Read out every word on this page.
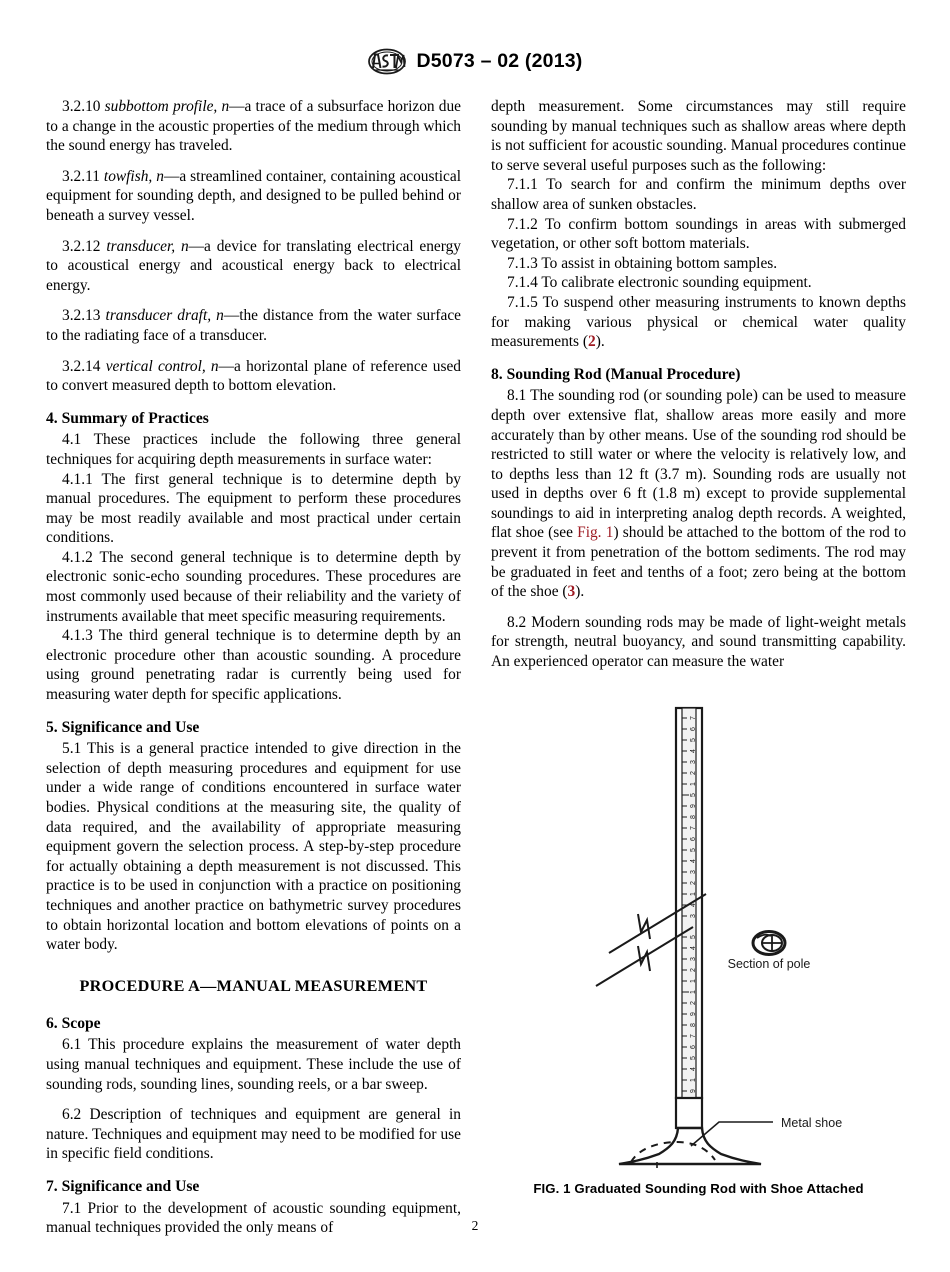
D5073 – 02 (2013)

3.2.10 subbottom profile, n—a trace of a subsurface horizon due to a change in the acoustic properties of the medium through which the sound energy has traveled.

3.2.11 towfish, n—a streamlined container, containing acoustical equipment for sounding depth, and designed to be pulled behind or beneath a survey vessel.

3.2.12 transducer, n—a device for translating electrical energy to acoustical energy and acoustical energy back to electrical energy.

3.2.13 transducer draft, n—the distance from the water surface to the radiating face of a transducer.

3.2.14 vertical control, n—a horizontal plane of reference used to convert measured depth to bottom elevation.

4. Summary of Practices

4.1 These practices include the following three general techniques for acquiring depth measurements in surface water:

4.1.1 The first general technique is to determine depth by manual procedures. The equipment to perform these procedures may be most readily available and most practical under certain conditions.

4.1.2 The second general technique is to determine depth by electronic sonic-echo sounding procedures. These procedures are most commonly used because of their reliability and the variety of instruments available that meet specific measuring requirements.

4.1.3 The third general technique is to determine depth by an electronic procedure other than acoustic sounding. A procedure using ground penetrating radar is currently being used for measuring water depth for specific applications.

5. Significance and Use

5.1 This is a general practice intended to give direction in the selection of depth measuring procedures and equipment for use under a wide range of conditions encountered in surface water bodies. Physical conditions at the measuring site, the quality of data required, and the availability of appropriate measuring equipment govern the selection process. A step-by-step procedure for actually obtaining a depth measurement is not discussed. This practice is to be used in conjunction with a practice on positioning techniques and another practice on bathymetric survey procedures to obtain horizontal location and bottom elevations of points on a water body.

PROCEDURE A—MANUAL MEASUREMENT
6. Scope

6.1 This procedure explains the measurement of water depth using manual techniques and equipment. These include the use of sounding rods, sounding lines, sounding reels, or a bar sweep.

6.2 Description of techniques and equipment are general in nature. Techniques and equipment may need to be modified for use in specific field conditions.

7. Significance and Use

7.1 Prior to the development of acoustic sounding equipment, manual techniques provided the only means of

depth measurement. Some circumstances may still require sounding by manual techniques such as shallow areas where depth is not sufficient for acoustic sounding. Manual procedures continue to serve several useful purposes such as the following:

7.1.1 To search for and confirm the minimum depths over shallow area of sunken obstacles.

7.1.2 To confirm bottom soundings in areas with submerged vegetation, or other soft bottom materials.

7.1.3 To assist in obtaining bottom samples.

7.1.4 To calibrate electronic sounding equipment.

7.1.5 To suspend other measuring instruments to known depths for making various physical or chemical water quality measurements (2).

8. Sounding Rod (Manual Procedure)

8.1 The sounding rod (or sounding pole) can be used to measure depth over extensive flat, shallow areas more easily and more accurately than by other means. Use of the sounding rod should be restricted to still water or where the velocity is relatively low, and to depths less than 12 ft (3.7 m). Sounding rods are usually not used in depths over 6 ft (1.8 m) except to provide supplemental soundings to aid in interpreting analog depth records. A weighted, flat shoe (see Fig. 1) should be attached to the bottom of the rod to prevent it from penetration of the bottom sediments. The rod may be graduated in feet and tenths of a foot; zero being at the bottom of the shoe (3).

8.2 Modern sounding rods may be made of light-weight metals for strength, neutral buoyancy, and sound transmitting capability. An experienced operator can measure the water

7
6
5
4
3
2
1
5
9
8
7
6
5
4
3
2
1
4
3
5
4
3
2
1
1
2
9
8
7
6
5
4
1
9
Section of pole
Metal shoe
FIG. 1 Graduated Sounding Rod with Shoe Attached
2
